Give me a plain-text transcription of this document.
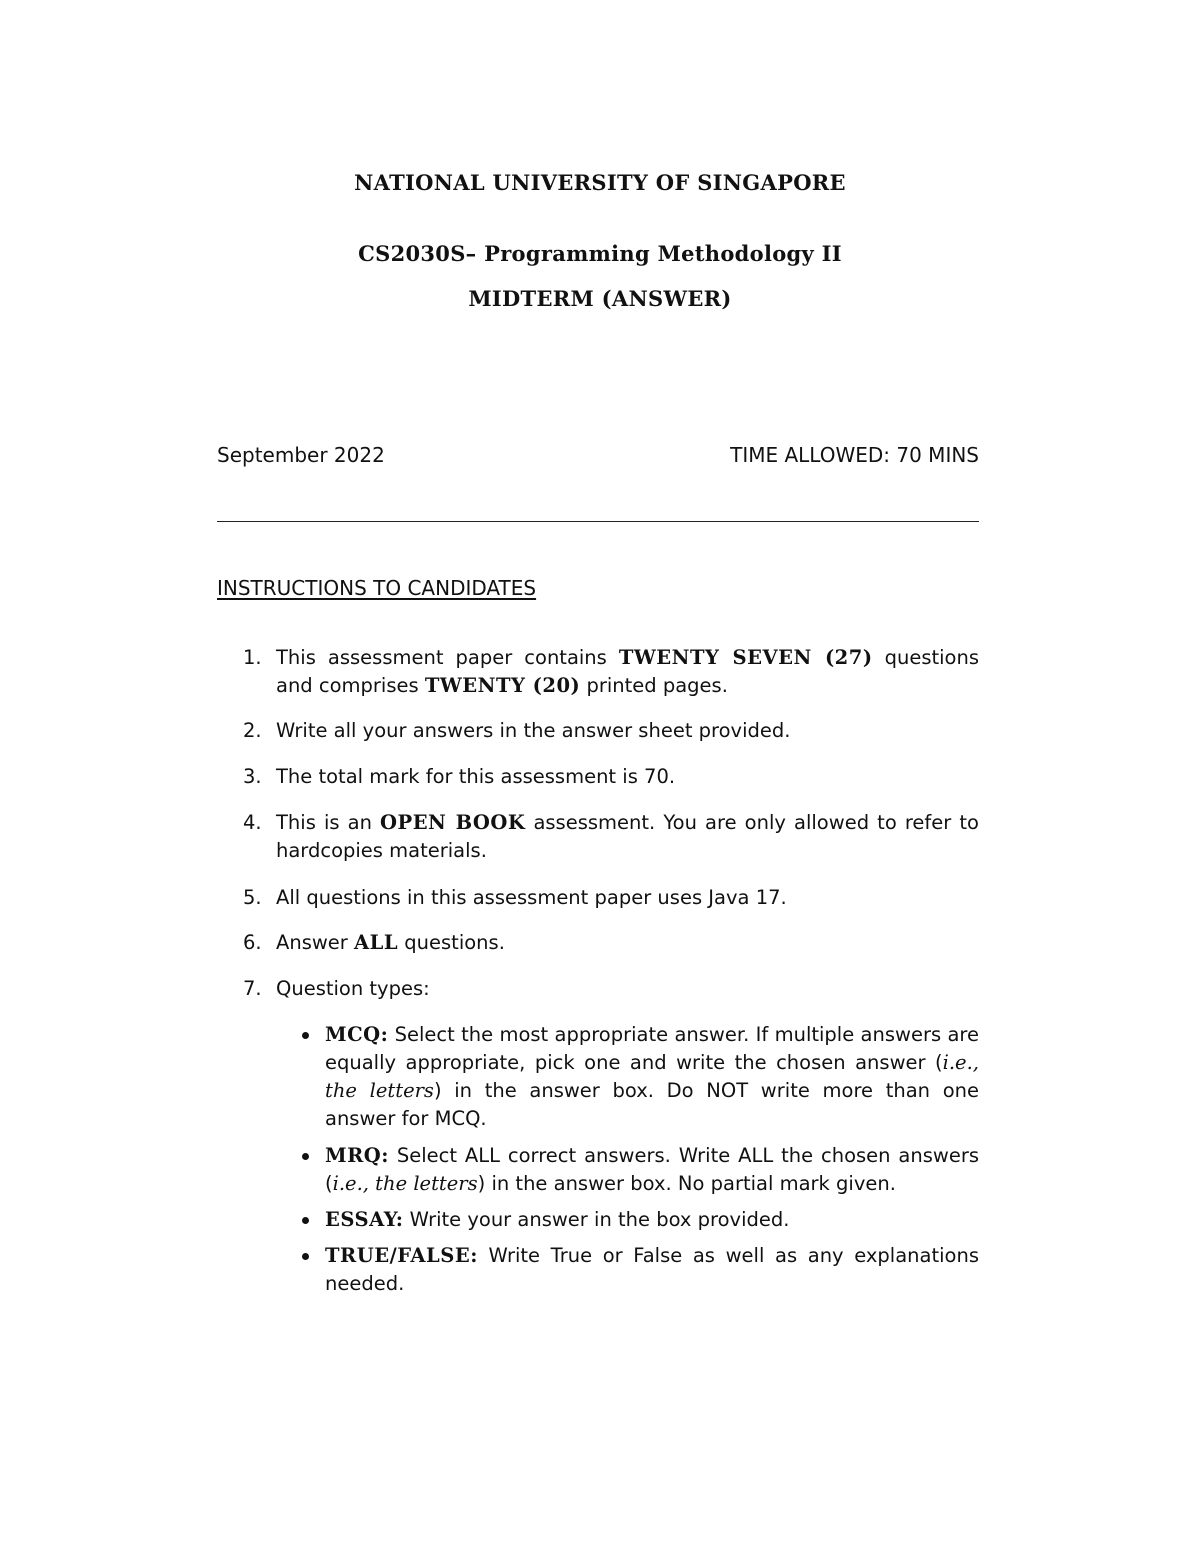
NATIONAL UNIVERSITY OF SINGAPORE
CS2030S– Programming Methodology II
MIDTERM (ANSWER)
September 2022	TIME ALLOWED: 70 MINS
INSTRUCTIONS TO CANDIDATES
1. This assessment paper contains TWENTY SEVEN (27) questions and comprises TWENTY (20) printed pages.
2. Write all your answers in the answer sheet provided.
3. The total mark for this assessment is 70.
4. This is an OPEN BOOK assessment. You are only allowed to refer to hardcopies materials.
5. All questions in this assessment paper uses Java 17.
6. Answer ALL questions.
7. Question types:
MCQ: Select the most appropriate answer. If multiple answers are equally appropriate, pick one and write the chosen answer (i.e., the letters) in the answer box. Do NOT write more than one answer for MCQ.
MRQ: Select ALL correct answers. Write ALL the chosen answers (i.e., the letters) in the answer box. No partial mark given.
ESSAY: Write your answer in the box provided.
TRUE/FALSE: Write True or False as well as any explanations needed.
